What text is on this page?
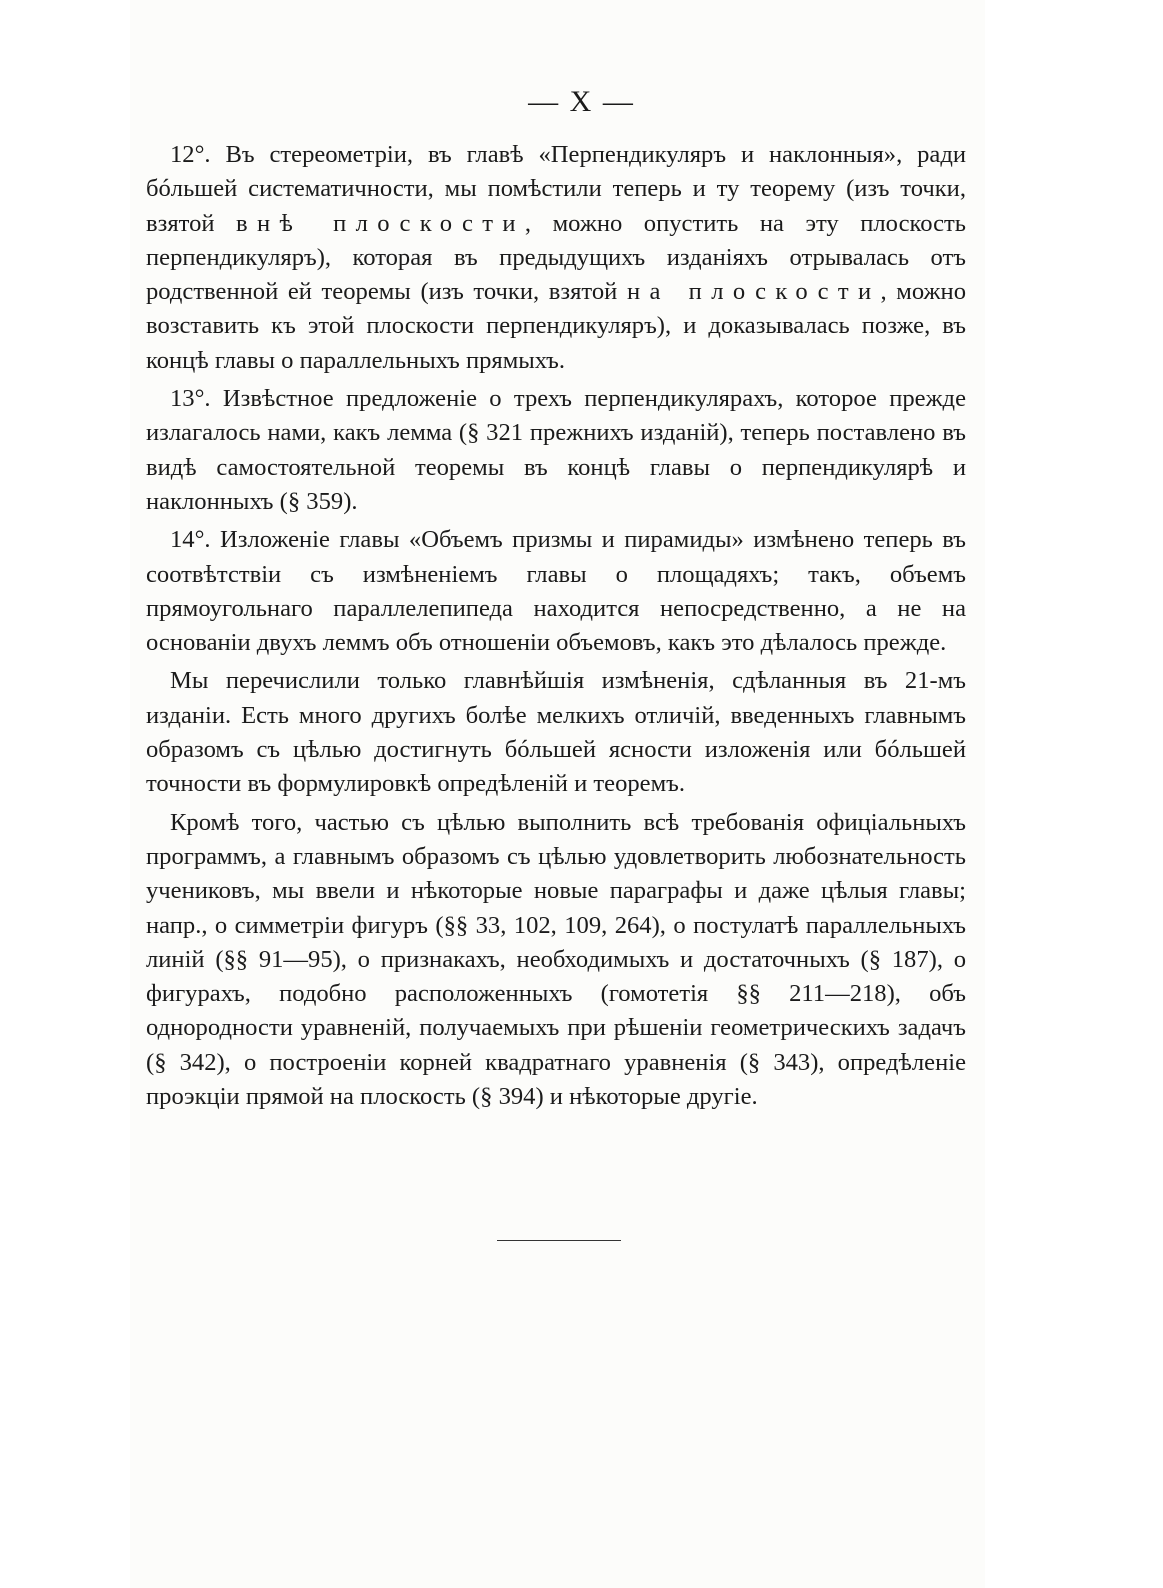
— X —

12°. Въ стереометріи, въ главѣ «Перпендикуляръ и наклонныя», ради бóльшей систематичности, мы помѣстили теперь и ту теорему (изъ точки, взятой внѣ плоскости, можно опустить на эту плоскость перпендикуляръ), которая въ предыдущихъ изданіяхъ отрывалась отъ родственной ей теоремы (изъ точки, взятой на плоскости, можно возставить къ этой плоскости перпендикуляръ), и доказывалась позже, въ концѣ главы о параллельныхъ прямыхъ.

13°. Извѣстное предложеніе о трехъ перпендикулярахъ, которое прежде излагалось нами, какъ лемма (§ 321 прежнихъ изданій), теперь поставлено въ видѣ самостоятельной теоремы въ концѣ главы о перпендикулярѣ и наклонныхъ (§ 359).

14°. Изложеніе главы «Объемъ призмы и пирамиды» измѣнено теперь въ соотвѣтствіи съ измѣненіемъ главы о площадяхъ; такъ, объемъ прямоугольнаго параллелепипеда находится непосредственно, а не на основаніи двухъ леммъ объ отношеніи объемовъ, какъ это дѣлалось прежде.

Мы перечислили только главнѣйшія измѣненія, сдѣланныя въ 21-мъ изданіи. Есть много другихъ болѣе мелкихъ отличій, введенныхъ главнымъ образомъ съ цѣлью достигнуть бóльшей ясности изложенія или бóльшей точности въ формулировкѣ опредѣленій и теоремъ.

Кромѣ того, частью съ цѣлью выполнить всѣ требованія офиціальныхъ программъ, а главнымъ образомъ съ цѣлью удовлетворить любознательность учениковъ, мы ввели и нѣкоторые новые параграфы и даже цѣлыя главы; напр., о симметріи фигуръ (§§ 33, 102, 109, 264), о постулатѣ параллельныхъ линій (§§ 91—95), о признакахъ, необходимыхъ и достаточныхъ (§ 187), о фигурахъ, подобно расположенныхъ (гомотетія §§ 211—218), объ однородности уравненій, получаемыхъ при рѣшеніи геометрическихъ задачъ (§ 342), о построеніи корней квадратнаго уравненія (§ 343), опредѣленіе проэкціи прямой на плоскость (§ 394) и нѣкоторые другіе.
